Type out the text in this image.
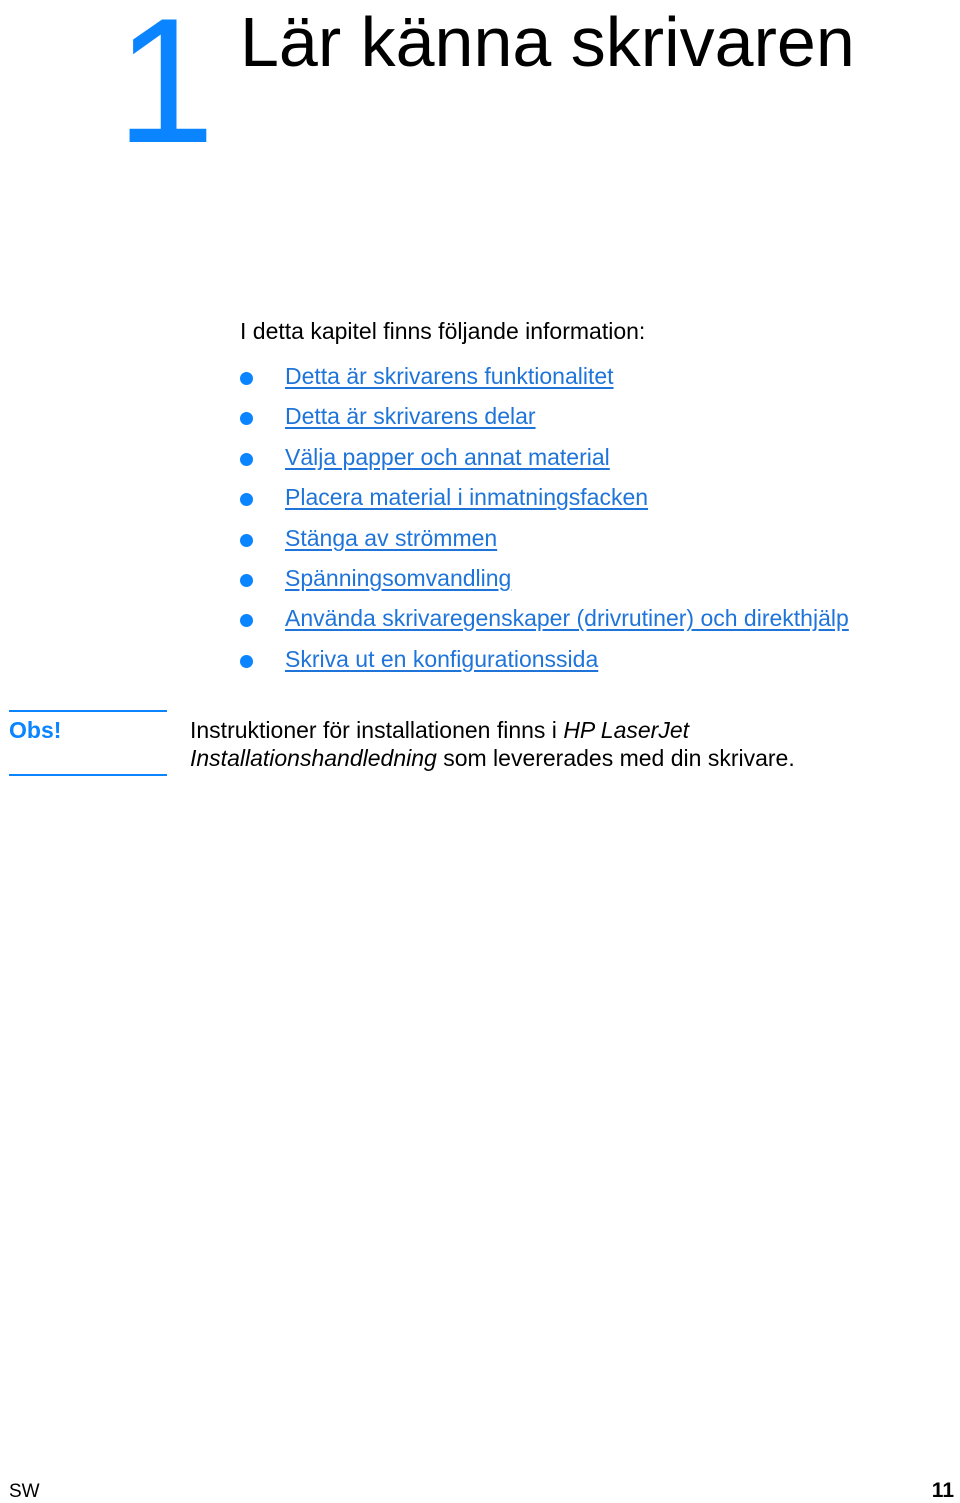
1 Lär känna skrivaren
I detta kapitel finns följande information:
Detta är skrivarens funktionalitet
Detta är skrivarens delar
Välja papper och annat material
Placera material i inmatningsfacken
Stänga av strömmen
Spänningsomvandling
Använda skrivaregenskaper (drivrutiner) och direkthjälp
Skriva ut en konfigurationssida
Obs!	Instruktioner för installationen finns i HP LaserJet
Installationshandledning som levererades med din skrivare.
SW	11
